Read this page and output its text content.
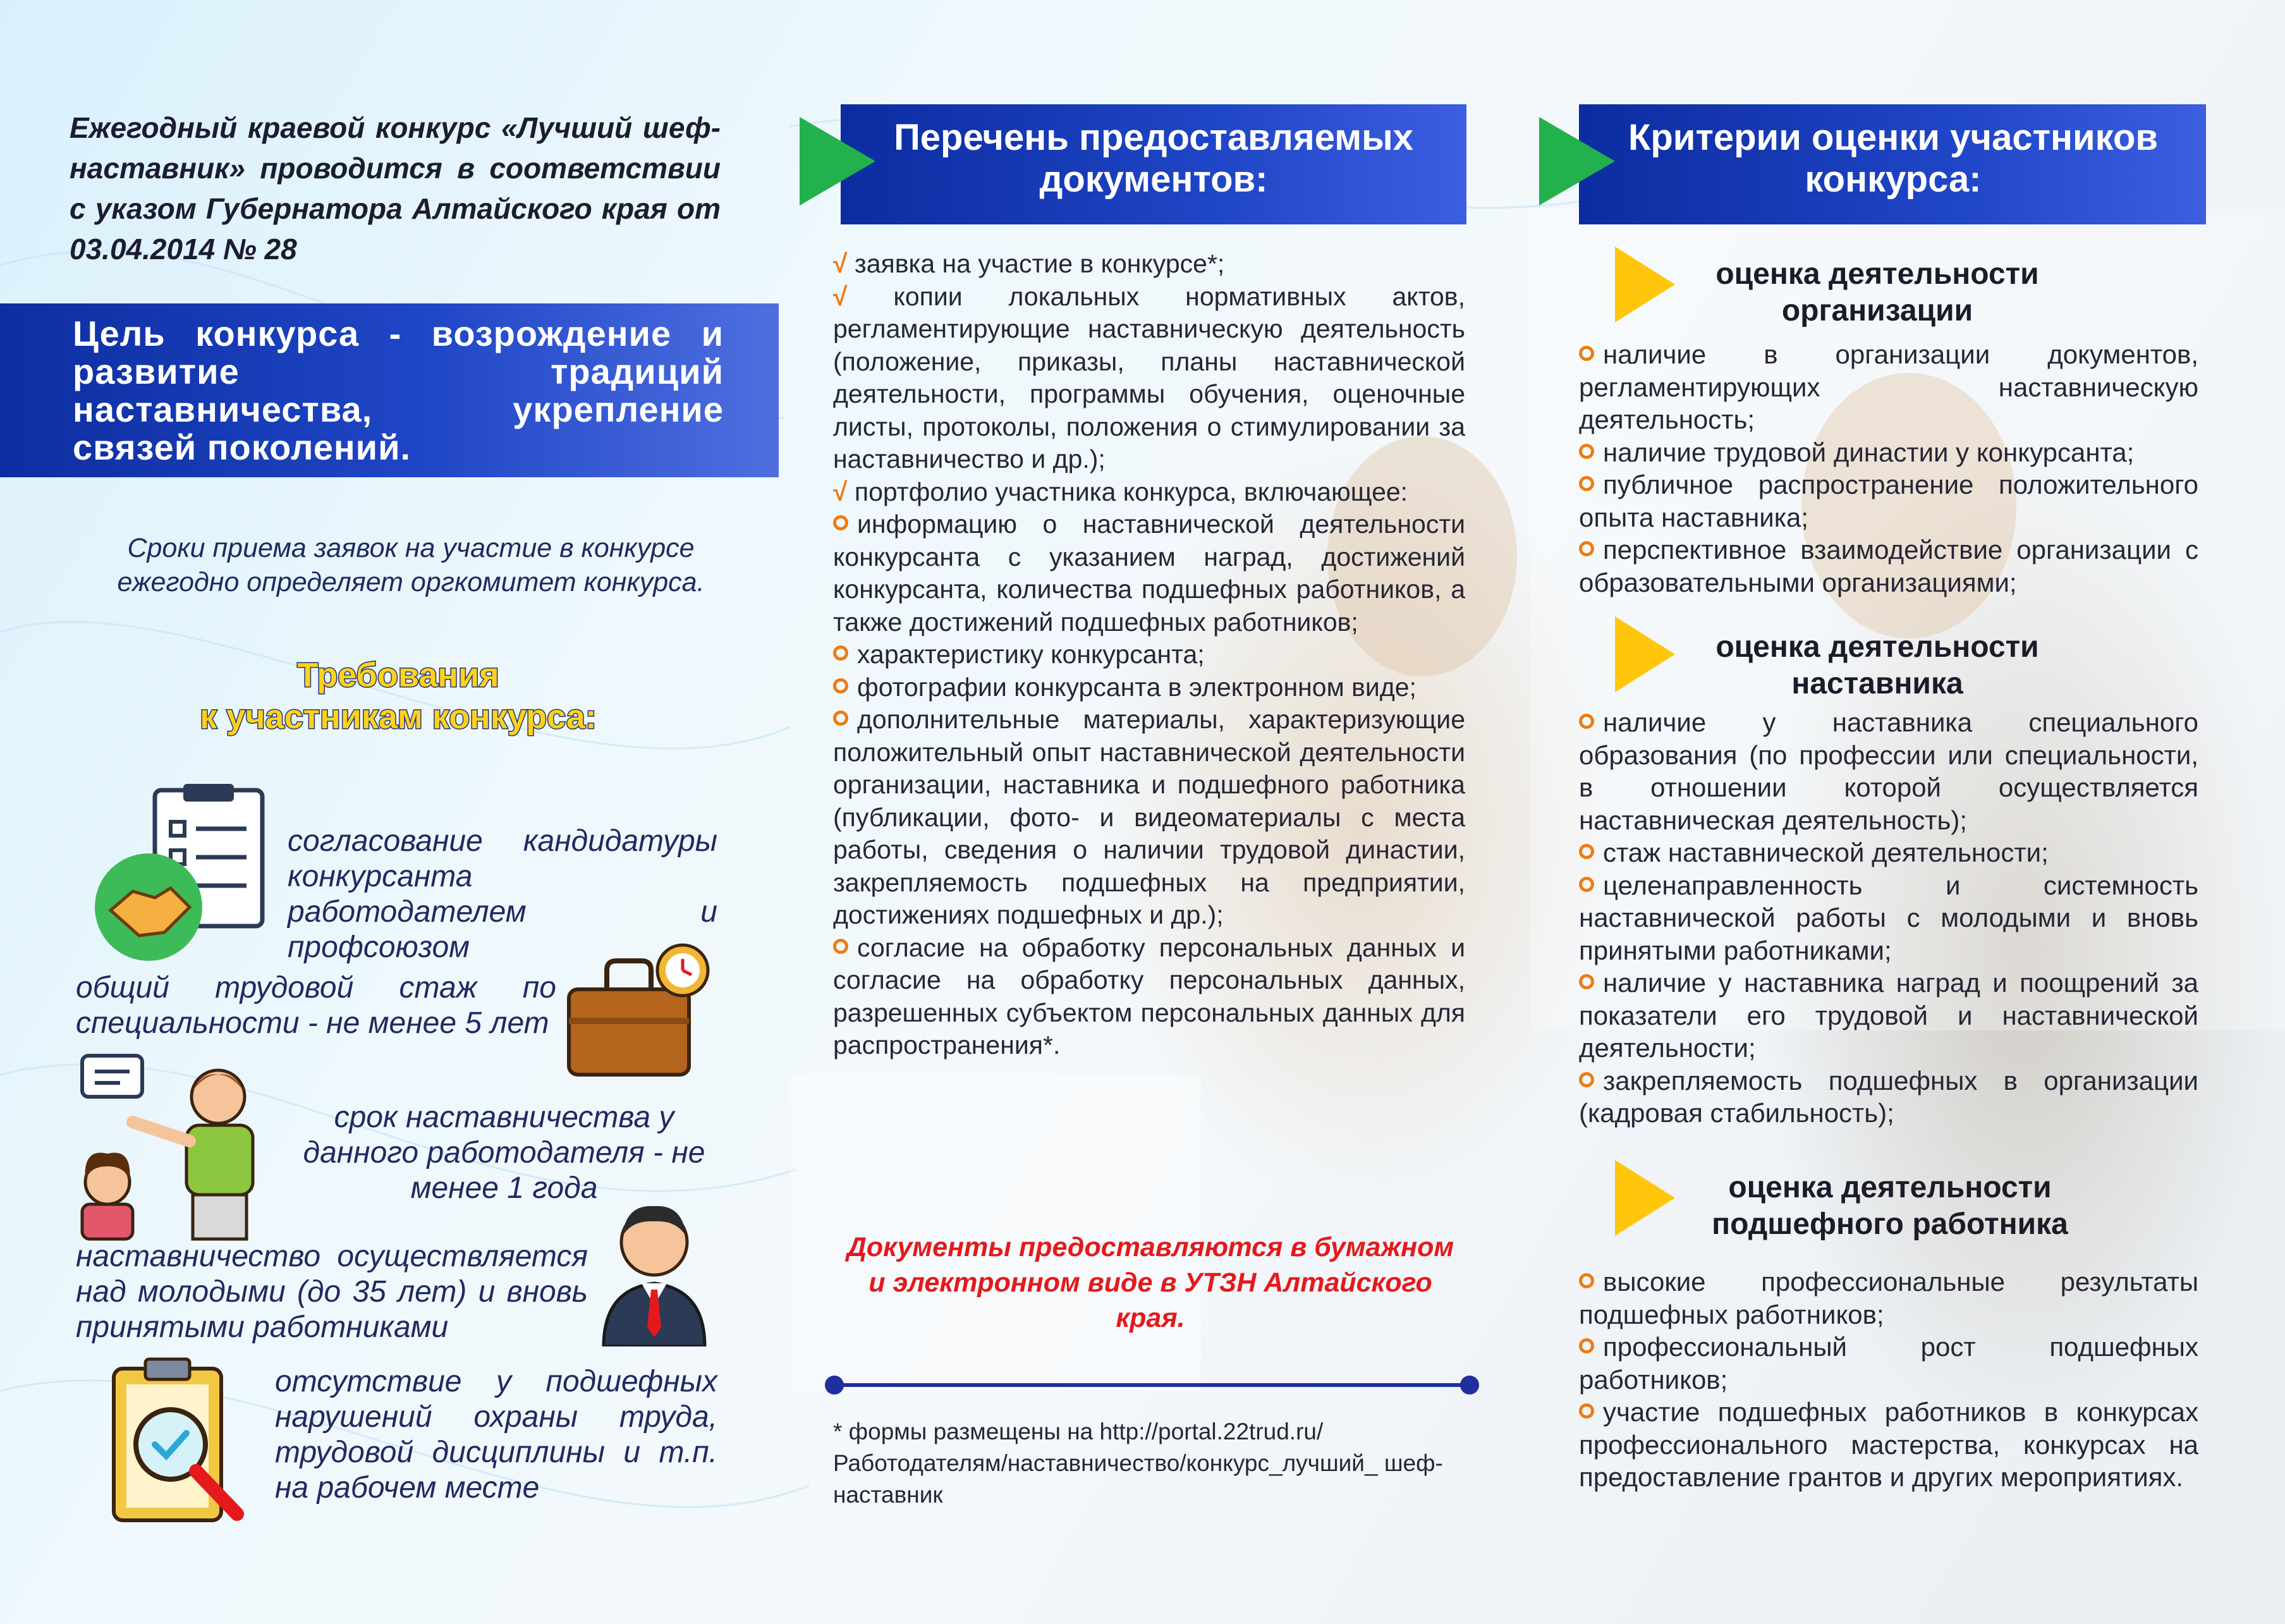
Ежегодный краевой конкурс «Лучший шеф-наставник» проводится в соответствии с указом Губернатора Алтайского края от 03.04.2014 № 28
Цель конкурса - возрождение и развитие традиций наставничества, укрепление связей поколений.
Сроки приема заявок на участие в конкурсе ежегодно определяет оргкомитет конкурса.
Требования
к участникам конкурса:
согласование кандидатуры конкурсанта работодателем и профсоюзом
общий трудовой стаж по специальности - не менее 5 лет
срок наставничества у данного работодателя - не менее 1 года
наставничество осуществляется над молодыми (до 35 лет) и вновь принятыми работниками
отсутствие у подшефных нарушений охраны труда, трудовой дисциплины и т.п. на рабочем месте
Перечень предоставляемых
документов:

√ заявка на участие в конкурсе*;

√ копии локальных нормативных актов, регламентирующие наставническую деятельность (положение, приказы, планы наставнической деятельности, программы обучения, оценочные листы, протоколы, положения о стимулировании за наставничество и др.);

√ портфолио участника конкурса, включающее:

информацию о наставнической деятельности конкурсанта с указанием наград, достижений конкурсанта, количества подшефных работников, а также достижений подшефных работников;

характеристику конкурсанта;

фотографии конкурсанта в электронном виде;

дополнительные материалы, характеризующие положительный опыт наставнической деятельности организации, наставника и подшефного работника (публикации, фото- и видеоматериалы с места работы, сведения о наличии трудовой династии, закрепляемость подшефных на предприятии, достижениях подшефных и др.);

согласие на обработку персональных данных и согласие на обработку персональных данных, разрешенных субъектом персональных данных для распространения*.

Документы предоставляются в бумажном и электронном виде в УТЗН Алтайского края.
* формы размещены на http://portal.22trud.ru/ Работодателям/наставничество/конкурс_лучший_ шеф-наставник
Критерии оценки участников
конкурса:
оценка деятельности организации

наличие в организации документов, регламентирующих наставническую деятельность;

наличие трудовой династии у конкурсанта;

публичное распространение положительного опыта наставника;

перспективное взаимодействие организации с образовательными организациями;

оценка деятельности наставника

наличие у наставника специального образования (по профессии или специальности, в отношении которой осуществляется наставническая деятельность);

стаж наставнической деятельности;

целенаправленность и системность наставнической работы с молодыми и вновь принятыми работниками;

наличие у наставника наград и поощрений за показатели его трудовой и наставнической деятельности;

закрепляемость подшефных в организации (кадровая стабильность);

оценка деятельности подшефного работника

высокие профессиональные результаты подшефных работников;

профессиональный рост подшефных работников;

участие подшефных работников в конкурсах профессионального мастерства, конкурсах на предоставление грантов и других мероприятиях.
